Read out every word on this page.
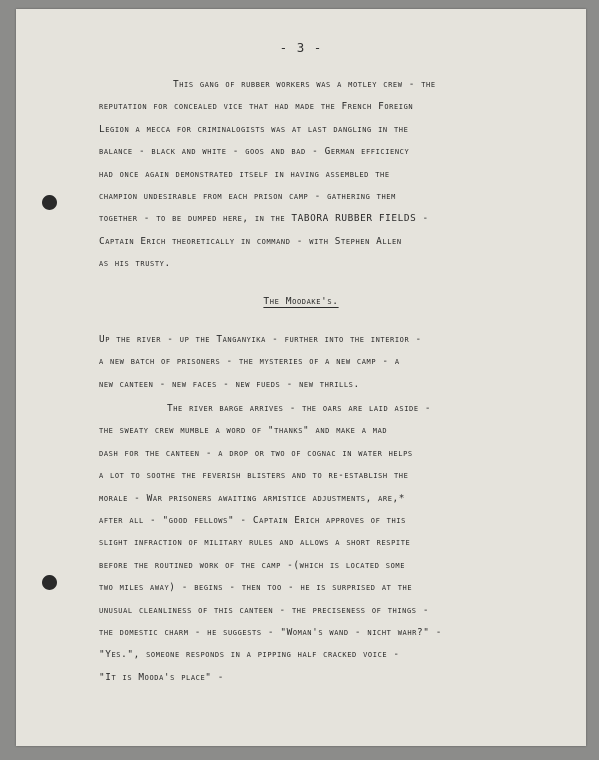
- 3 -

This gang of rubber workers was a motley crew - the

reputation for concealed vice that had made the French Foreign

Legion a mecca for criminalogists was at last dangling in the

balance - black and white - goos and bad - German efficiency

had once again demonstrated itself in having assembled the

champion undesirable from each prison camp - gathering them

together - to be dumped here, in the TABORA RUBBER FIELDS -

Captain Erich theoretically in command - with Stephen Allen

as his trusty.

The Moodake's.

Up the river - up the Tanganyika - further into the interior -

a new batch of prisoners - the mysteries of a new camp - a

new canteen - new faces - new fueds - new thrills.

The river barge arrives - the oars are laid aside -

the sweaty crew mumble a word of "thanks" and make a mad

dash for the canteen - a drop or two of cognac in water helps

a lot to soothe the feverish blisters and to re-establish the

morale - War prisoners awaiting armistice adjustments, are,*

after all - "good fellows" - Captain Erich approves of this

slight infraction of military rules and allows a short respite

before the routined work of the camp -(which is located some

two miles away) - begins - then too - he is surprised at the

unusual cleanliness of this canteen - the preciseness of things -

the domestic charm - he suggests - "Woman's wand - nicht wahr?" -

"Yes.", someone responds in a pipping half cracked voice -

"It is Mooda's place" -
